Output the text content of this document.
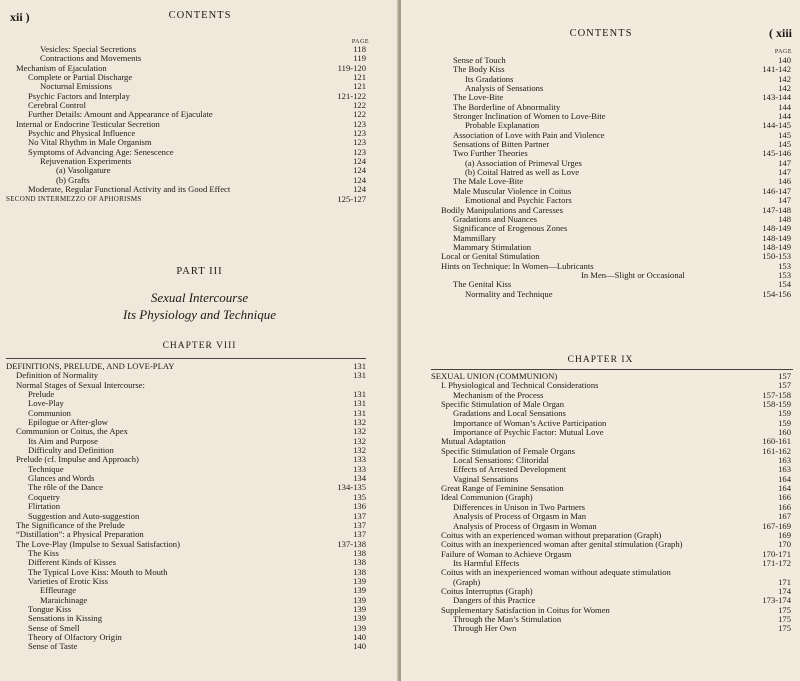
xii )	CONTENTS
PAGE
Vesicles: Special Secretions	118
Contractions and Movements	119
Mechanism of Ejaculation	119-120
Complete or Partial Discharge	121
Nocturnal Emissions	121
Psychic Factors and Interplay	121-122
Cerebral Control	122
Further Details: Amount and Appearance of Ejaculate	122
Internal or Endocrine Testicular Secretion	123
Psychic and Physical Influence	123
No Vital Rhythm in Male Organism	123
Symptoms of Advancing Age: Senescence	123
Rejuvenation Experiments	124
(a) Vasoligature	124
(b) Grafts	124
Moderate, Regular Functional Activity and its Good Effect	124
SECOND INTERMEZZO OF APHORISMS	125-127
PART III
Sexual Intercourse
Its Physiology and Technique
CHAPTER VIII
DEFINITIONS, PRELUDE, AND LOVE-PLAY	131
Definition of Normality	131
Normal Stages of Sexual Intercourse:
Prelude	131
Love-Play	131
Communion	131
Epilogue or After-glow	132
Communion or Coitus, the Apex	132
Its Aim and Purpose	132
Difficulty and Definition	132
Prelude (cf. Impulse and Approach)	133
Technique	133
Glances and Words	134
The rôle of the Dance	134-135
Coquetry	135
Flirtation	136
Suggestion and Auto-suggestion	137
The Significance of the Prelude	137
“Distillation”: a Physical Preparation	137
The Love-Play (Impulse to Sexual Satisfaction)	137-138
The Kiss	138
Different Kinds of Kisses	138
The Typical Love Kiss: Mouth to Mouth	138
Varieties of Erotic Kiss	139
Effleurage	139
Maraichinage	139
Tongue Kiss	139
Sensations in Kissing	139
Sense of Smell	139
Theory of Olfactory Origin	140
Sense of Taste	140
CONTENTS	( xiii
PAGE
Sense of Touch	140
The Body Kiss	141-142
Its Gradations	142
Analysis of Sensations	142
The Love-Bite	143-144
The Borderline of Abnormality	144
Stronger Inclination of Women to Love-Bite	144
Probable Explanation	144-145
Association of Love with Pain and Violence	145
Sensations of Bitten Partner	145
Two Further Theories	145-146
(a) Association of Primeval Urges	147
(b) Coital Hatred as well as Love	147
The Male Love-Bite	146
Male Muscular Violence in Coitus	146-147
Emotional and Psychic Factors	147
Bodily Manipulations and Caresses	147-148
Gradations and Nuances	148
Significance of Erogenous Zones	148-149
Mammillary	148-149
Mammary Stimulation	148-149
Local or Genital Stimulation	150-153
Hints on Technique: In Women—Lubricants	153
In Men—Slight or Occasional	153
The Genital Kiss	154
Normality and Technique	154-156
CHAPTER IX
SEXUAL UNION (COMMUNION)	157
I. Physiological and Technical Considerations	157
Mechanism of the Process	157-158
Specific Stimulation of Male Organ	158-159
Gradations and Local Sensations	159
Importance of Woman’s Active Participation	159
Importance of Psychic Factor: Mutual Love	160
Mutual Adaptation	160-161
Specific Stimulation of Female Organs	161-162
Local Sensations: Clitoridal	163
Effects of Arrested Development	163
Vaginal Sensations	164
Great Range of Feminine Sensation	164
Ideal Communion (Graph)	166
Differences in Unison in Two Partners	166
Analysis of Process of Orgasm in Man	167
Analysis of Process of Orgasm in Woman	167-169
Coitus with an experienced woman without preparation (Graph)	169
Coitus with an inexperienced woman after genital stimulation (Graph)	170
Failure of Woman to Achieve Orgasm	170-171
Its Harmful Effects	171-172
Coitus with an inexperienced woman without adequate stimulation
(Graph)	171
Coitus Interruptus (Graph)	174
Dangers of this Practice	173-174
Supplementary Satisfaction in Coitus for Women	175
Through the Man’s Stimulation	175
Through Her Own	175
